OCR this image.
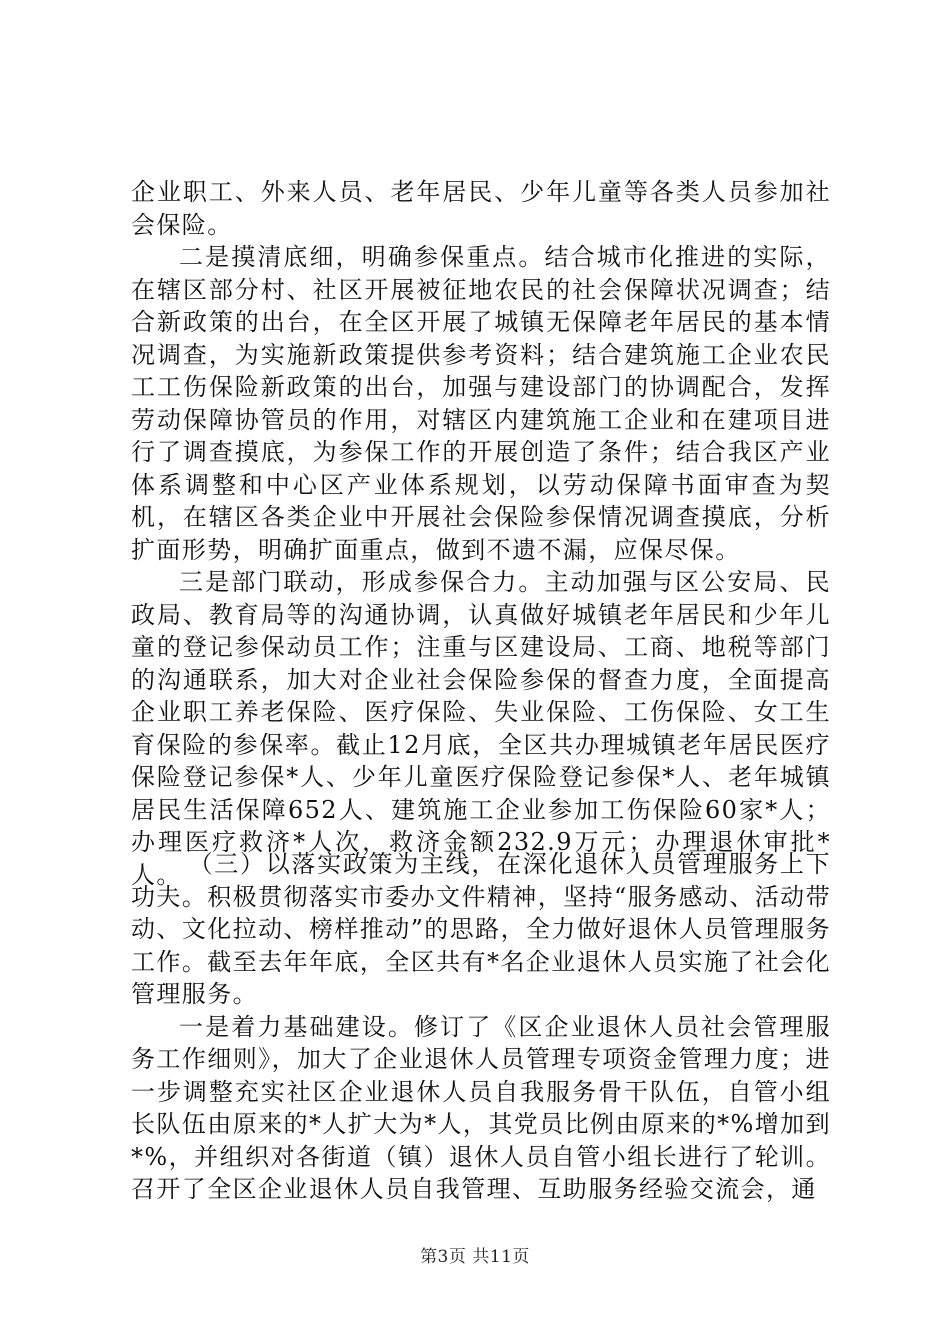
企业职工、外来人员、老年居民、少年儿童等各类人员参加社会保险。

二是摸清底细，明确参保重点。结合城市化推进的实际，在辖区部分村、社区开展被征地农民的社会保障状况调查；结合新政策的出台，在全区开展了城镇无保障老年居民的基本情况调查，为实施新政策提供参考资料；结合建筑施工企业农民工工伤保险新政策的出台，加强与建设部门的协调配合，发挥劳动保障协管员的作用，对辖区内建筑施工企业和在建项目进行了调查摸底，为参保工作的开展创造了条件；结合我区产业体系调整和中心区产业体系规划，以劳动保障书面审查为契机，在辖区各类企业中开展社会保险参保情况调查摸底，分析扩面形势，明确扩面重点，做到不遗不漏，应保尽保。

三是部门联动，形成参保合力。主动加强与区公安局、民政局、教育局等的沟通协调，认真做好城镇老年居民和少年儿童的登记参保动员工作；注重与区建设局、工商、地税等部门的沟通联系，加大对企业社会保险参保的督查力度，全面提高企业职工养老保险、医疗保险、失业保险、工伤保险、女工生育保险的参保率。截止12月底，全区共办理城镇老年居民医疗保险登记参保*人、少年儿童医疗保险登记参保*人、老年城镇居民生活保障652人、建筑施工企业参加工伤保险60家*人；办理医疗救济*人次，救济金额232.9万元；办理退休审批*人。 （三）以落实政策为主线，在深化退休人员管理服务上下功夫。积极贯彻落实市委办文件精神，坚持“服务感动、活动带动、文化拉动、榜样推动”的思路，全力做好退休人员管理服务工作。截至去年年底，全区共有*名企业退休人员实施了社会化管理服务。

一是着力基础建设。修订了《区企业退休人员社会管理服务工作细则》，加大了企业退休人员管理专项资金管理力度；进一步调整充实社区企业退休人员自我服务骨干队伍，自管小组长队伍由原来的*人扩大为*人，其党员比例由原来的*%增加到*%，并组织对各街道（镇）退休人员自管小组长进行了轮训。召开了全区企业退休人员自我管理、互助服务经验交流会，通

第3页 共11页
